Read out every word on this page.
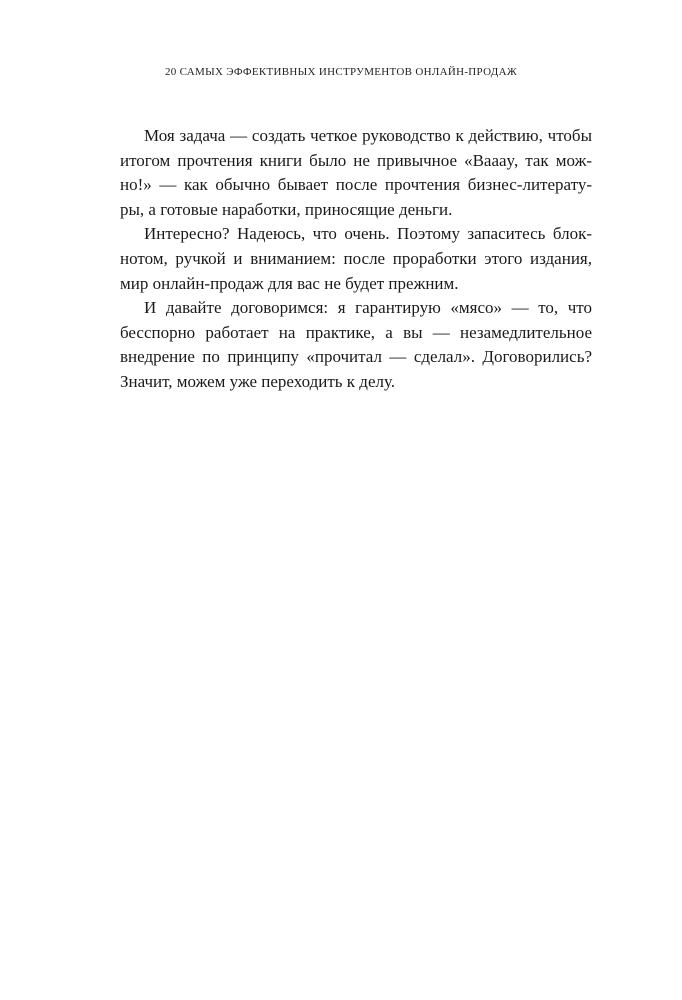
20 САМЫХ ЭФФЕКТИВНЫХ ИНСТРУМЕНТОВ ОНЛАЙН-ПРОДАЖ
Моя задача — создать четкое руководство к действию, чтобы
итогом прочтения книги было не привычное «Ваааy, так мож-
но!» — как обычно бывает после прочтения бизнес-литерату-
ры, а готовые наработки, приносящие деньги.
Интересно? Надеюсь, что очень. Поэтому запаситесь блок-
нотом, ручкой и вниманием: после проработки этого издания,
мир онлайн-продаж для вас не будет прежним.
И давайте договоримся: я гарантирую «мясо» — то, что
бесспорно работает на практике, а вы — незамедлительное
внедрение по принципу «прочитал — сделал». Договорились?
Значит, можем уже переходить к делу.
